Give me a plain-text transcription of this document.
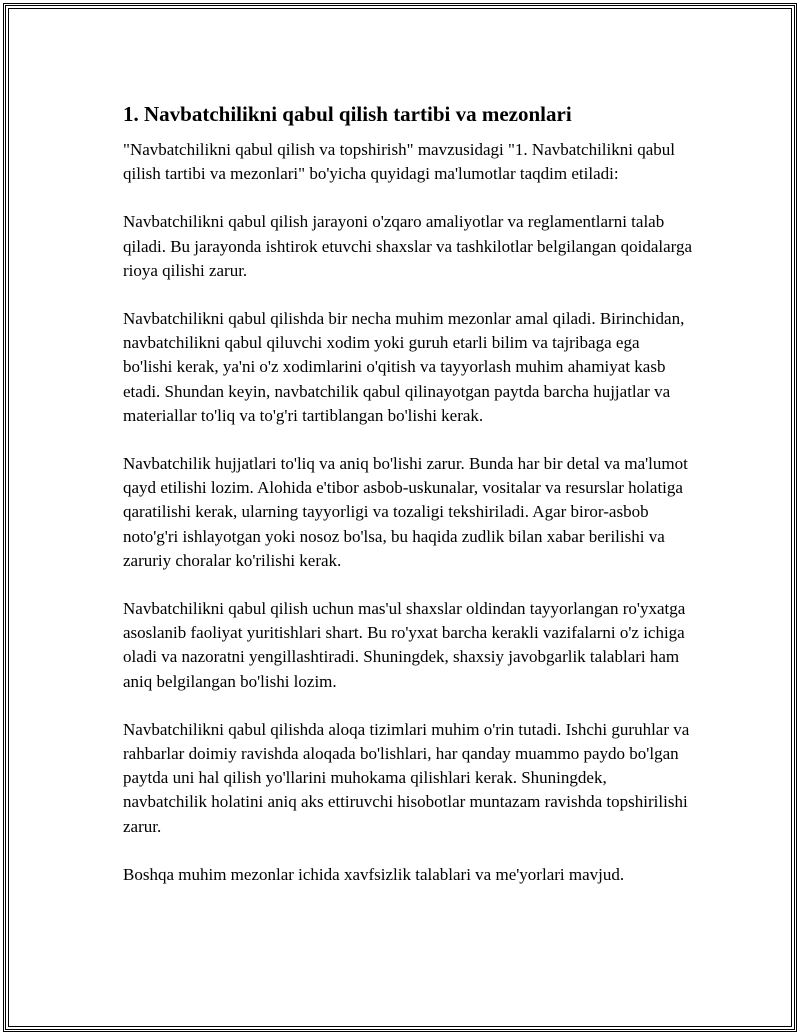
1. Navbatchilikni qabul qilish tartibi va mezonlari

"Navbatchilikni qabul qilish va topshirish" mavzusidagi "1. Navbatchilikni qabul qilish tartibi va mezonlari" bo'yicha quyidagi ma'lumotlar taqdim etiladi:

Navbatchilikni qabul qilish jarayoni o'zqaro amaliyotlar va reglamentlarni talab qiladi. Bu jarayonda ishtirok etuvchi shaxslar va tashkilotlar belgilangan qoidalarga rioya qilishi zarur.

Navbatchilikni qabul qilishda bir necha muhim mezonlar amal qiladi. Birinchidan, navbatchilikni qabul qiluvchi xodim yoki guruh etarli bilim va tajribaga ega bo'lishi kerak, ya'ni o'z xodimlarini o'qitish va tayyorlash muhim ahamiyat kasb etadi. Shundan keyin, navbatchilik qabul qilinayotgan paytda barcha hujjatlar va materiallar to'liq va to'g'ri tartiblangan bo'lishi kerak.

Navbatchilik hujjatlari to'liq va aniq bo'lishi zarur. Bunda har bir detal va ma'lumot qayd etilishi lozim. Alohida e'tibor asbob-uskunalar, vositalar va resurslar holatiga qaratilishi kerak, ularning tayyorligi va tozaligi tekshiriladi. Agar biror-asbob noto'g'ri ishlayotgan yoki nosoz bo'lsa, bu haqida zudlik bilan xabar berilishi va zaruriy choralar ko'rilishi kerak.

Navbatchilikni qabul qilish uchun mas'ul shaxslar oldindan tayyorlangan ro'yxatga asoslanib faoliyat yuritishlari shart. Bu ro'yxat barcha kerakli vazifalarni o'z ichiga oladi va nazoratni yengillashtiradi. Shuningdek, shaxsiy javobgarlik talablari ham aniq belgilangan bo'lishi lozim.

Navbatchilikni qabul qilishda aloqa tizimlari muhim o'rin tutadi. Ishchi guruhlar va rahbarlar doimiy ravishda aloqada bo'lishlari, har qanday muammo paydo bo'lgan paytda uni hal qilish yo'llarini muhokama qilishlari kerak. Shuningdek, navbatchilik holatini aniq aks ettiruvchi hisobotlar muntazam ravishda topshirilishi zarur.

Boshqa muhim mezonlar ichida xavfsizlik talablari va me'yorlari mavjud.
